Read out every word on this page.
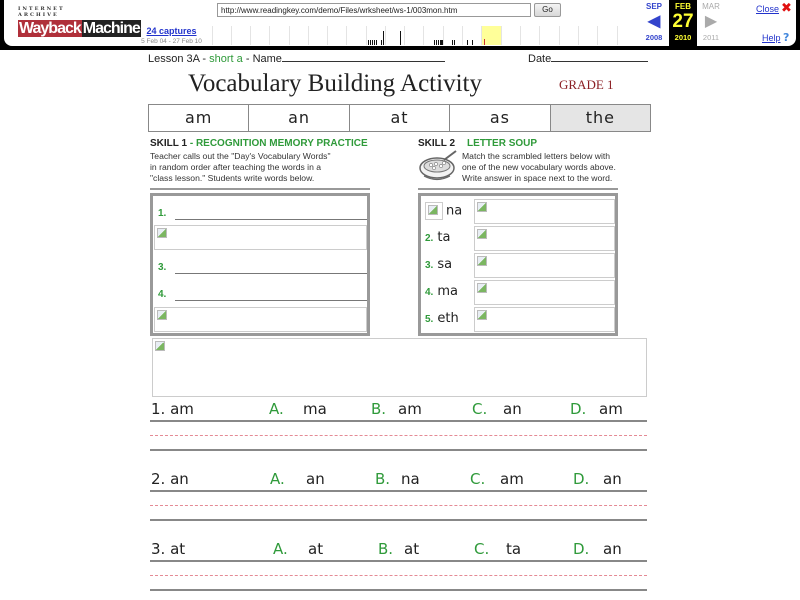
INTERNET ARCHIVE
Wayback Machine 24 captures
5 Feb 04 - 27 Feb 10
http://www.readingkey.com/demo/Files/wrksheet/ws-1/003mon.htm
Go	SEP
◀
2008
FEB
27
2010
MAR
▶
2011
Close ✖
Help ?
Lesson 3A - short a - Name	Date
Vocabulary Building Activity	GRADE 1
am	an	at	as	the
SKILL 1 - RECOGNITION MEMORY PRACTICE
Teacher calls out the "Day's Vocabulary Words"
in random order after teaching the words in a
"class lesson." Students write words below.
1.
3.
4.
SKILL 2 LETTER SOUP
Match the scrambled letters below with
one of the new vocabulary words above.
Write answer in space next to the word.
na
2. ta
3. sa
4. ma
5. eth
1. am	A. ma	B. am	C. an	D. am
2. an	A. an	B. na	C. am	D. an
3. at	A. at	B. at	C. ta	D. an
